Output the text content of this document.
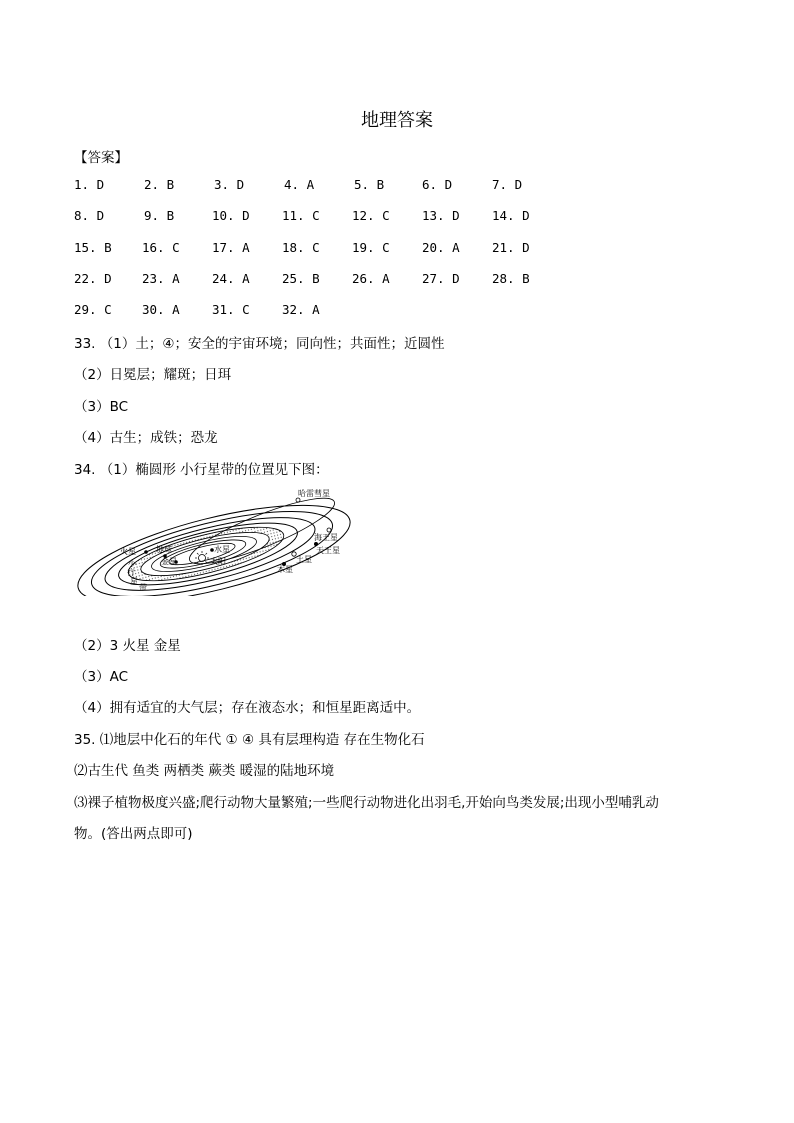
地理答案
【答案】
1. D	2. B	3. D	4. A	5. B	6. D	7. D
8. D	9. B	10. D	11. C	12. C	13. D	14. D
15. B 16. C	17. A	18. C	19. C	20. A	21. D
22. D 23. A	24. A	25. B	26. A	27. D	28. B
29. C 30. A	31. C	32. A
33. （1）土；④；安全的宇宙环境；同向性；共面性；近圆性
（2）日冕层；耀斑；日珥
（3）BC
（4）古生；成铁；恐龙
34. （1）椭圆形 小行星带的位置见下图：
哈雷彗星
海王星
天王星
土星
木星
火星	地球
金星
水星
太阳
小
行
星
带
（2）3 火星 金星
（3）AC
（4）拥有适宜的大气层；存在液态水；和恒星距离适中。
35. ⑴地层中化石的年代 ① ④ 具有层理构造 存在生物化石
⑵古生代 鱼类 两栖类 蕨类 暖湿的陆地环境
⑶裸子植物极度兴盛;爬行动物大量繁殖;一些爬行动物进化出羽毛,开始向鸟类发展;出现小型哺乳动
物。(答出两点即可)
